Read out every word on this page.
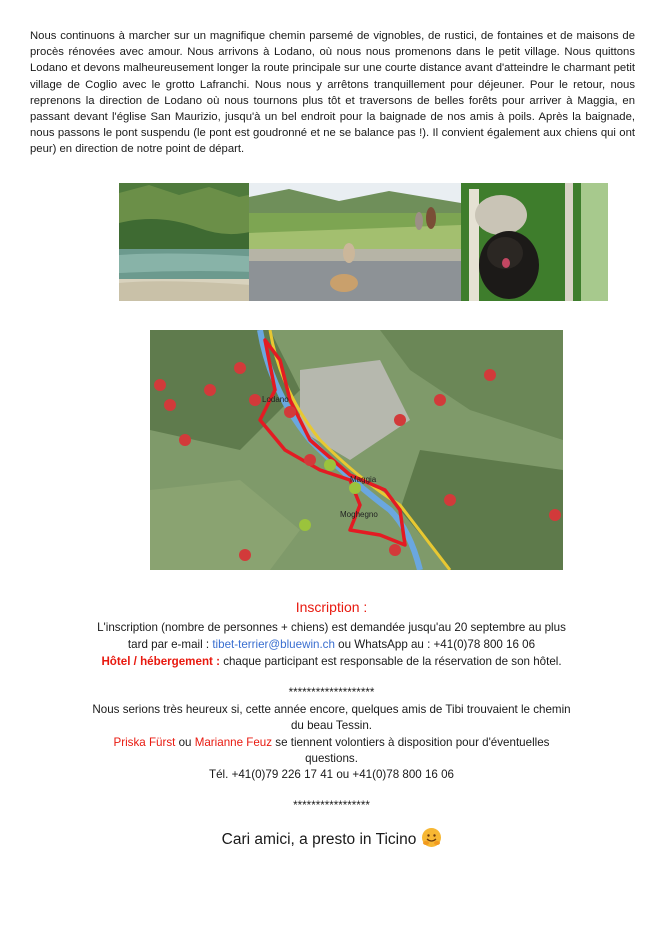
Nous continuons à marcher sur un magnifique chemin parsemé de vignobles, de rustici, de fontaines et de maisons de procès rénovées avec amour. Nous arrivons à Lodano, où nous nous promenons dans le petit village. Nous quittons Lodano et devons malheureusement longer la route principale sur une courte distance avant d'atteindre le charmant petit village de Coglio avec le grotto Lafranchi. Nous nous y arrêtons tranquillement pour déjeuner. Pour le retour, nous reprenons la direction de Lodano où nous tournons plus tôt et traversons de belles forêts pour arriver à Maggia, en passant devant l'église San Maurizio, jusqu'à un bel endroit pour la baignade de nos amis à poils. Après la baignade, nous passons le pont suspendu (le pont est goudronné et ne se balance pas !). Il convient également aux chiens qui ont peur) en direction de notre point de départ.

Maggia
Moghegno
Lodano
Inscription :
L'inscription (nombre de personnes + chiens) est demandée jusqu'au 20 septembre au plus
tard par e-mail : tibet-terrier@bluewin.ch ou WhatsApp au : +41(0)78 800 16 06
Hôtel / hébergement : chaque participant est responsable de la réservation de son hôtel.
*******************
Nous serions très heureux si, cette année encore, quelques amis de Tibi trouvaient le chemin
du beau Tessin.
Priska Fürst ou Marianne Feuz se tiennent volontiers à disposition pour d'éventuelles
questions.
Tél. +41(0)79 226 17 41 ou +41(0)78 800 16 06
*****************
Cari amici, a presto in Ticino
